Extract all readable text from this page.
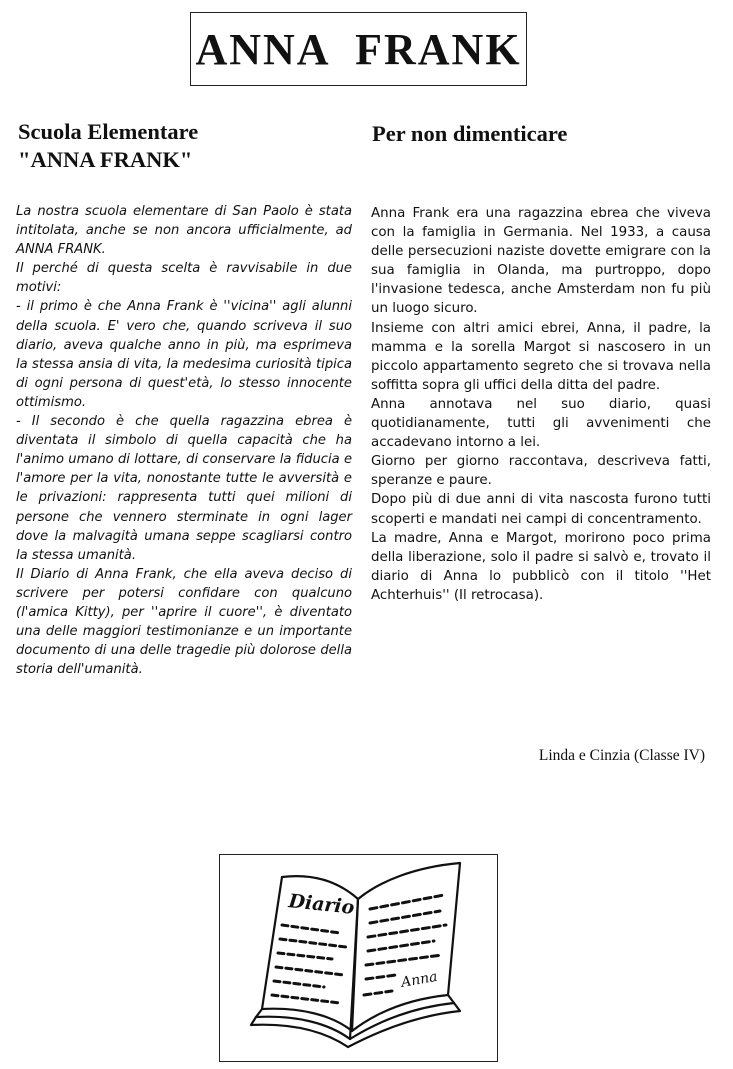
ANNA FRANK
Scuola Elementare
"ANNA FRANK"
Per non dimenticare

La nostra scuola elementare di San Paolo è stata intitolata, anche se non ancora ufficialmente, ad ANNA FRANK.

Il perché di questa scelta è ravvisabile in due motivi:

- il primo è che Anna Frank è ''vicina'' agli alunni della scuola. E' vero che, quando scriveva il suo diario, aveva qualche anno in più, ma esprimeva la stessa ansia di vita, la medesima curiosità tipica di ogni persona di quest'età, lo stesso innocente ottimismo.

- Il secondo è che quella ragazzina ebrea è diventata il simbolo di quella capacità che ha l'animo umano di lottare, di conservare la fiducia e l'amore per la vita, nonostante tutte le avversità e le privazioni: rappresenta tutti quei milioni di persone che vennero sterminate in ogni lager dove la malvagità umana seppe scagliarsi contro la stessa umanità.

Il Diario di Anna Frank, che ella aveva deciso di scrivere per potersi confidare con qualcuno (l'amica Kitty), per ''aprire il cuore'', è diventato una delle maggiori testimonianze e un importante documento di una delle tragedie più dolorose della storia dell'umanità.

Anna Frank era una ragazzina ebrea che viveva con la famiglia in Germania. Nel 1933, a causa delle persecuzioni naziste dovette emigrare con la sua famiglia in Olanda, ma purtroppo, dopo l'invasione tedesca, anche Amsterdam non fu più un luogo sicuro.

Insieme con altri amici ebrei, Anna, il padre, la mamma e la sorella Margot si nascosero in un piccolo appartamento segreto che si trovava nella soffitta sopra gli uffici della ditta del padre.

Anna annotava nel suo diario, quasi quotidianamente, tutti gli avvenimenti che accadevano intorno a lei.

Giorno per giorno raccontava, descriveva fatti, speranze e paure.

Dopo più di due anni di vita nascosta furono tutti scoperti e mandati nei campi di concentramento.

La madre, Anna e Margot, morirono poco prima della liberazione, solo il padre si salvò e, trovato il diario di Anna lo pubblicò con il titolo ''Het Achterhuis'' (Il retrocasa).

Linda e Cinzia (Classe IV)

Diario
Anna
